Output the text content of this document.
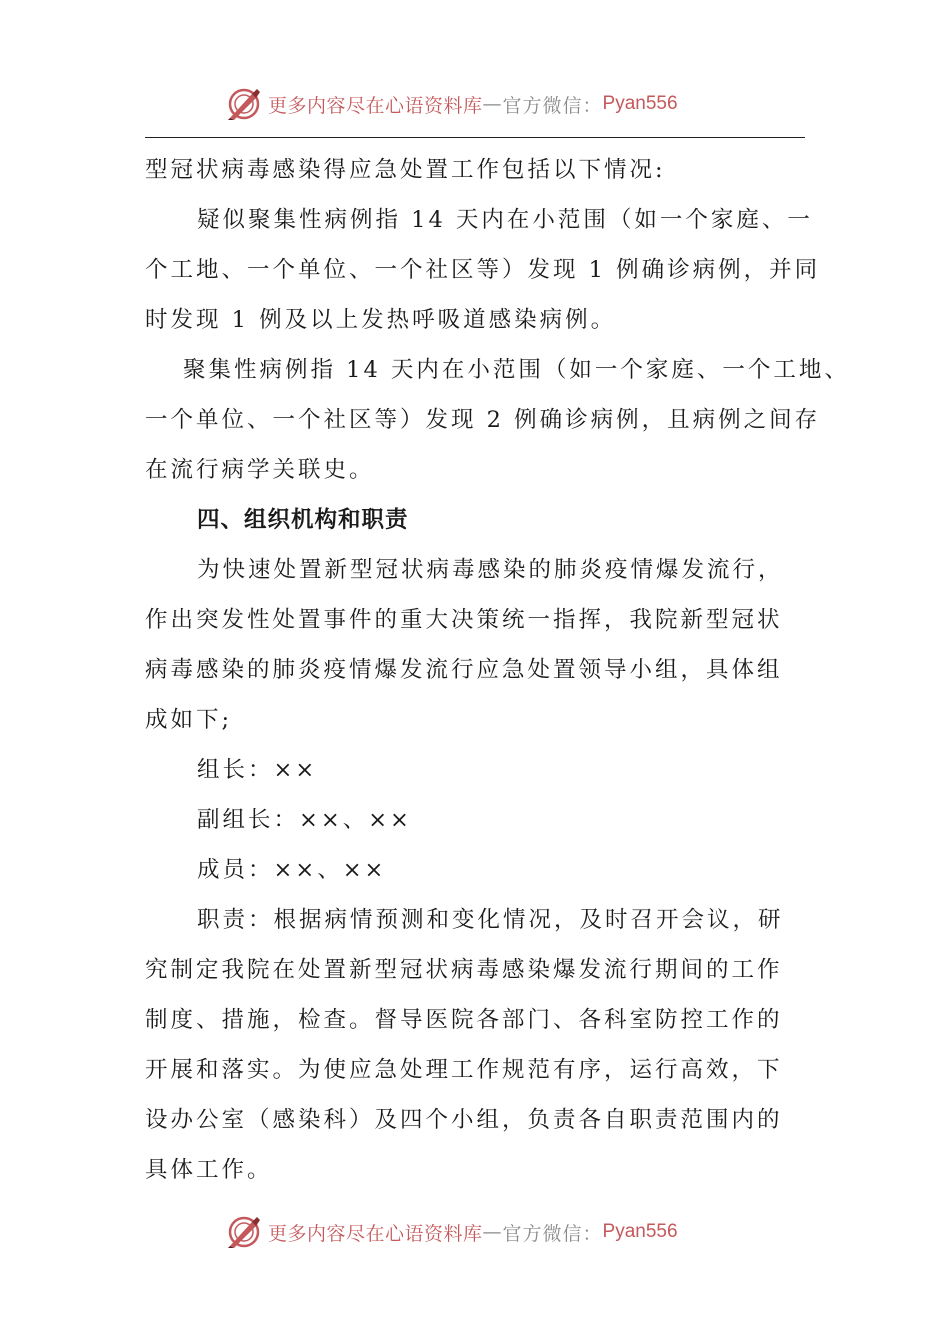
更多内容尽在心语资料库 — 官方微信： Pyan556
型冠状病毒感染得应急处置工作包括以下情况:
疑似聚集性病例指 14 天内在小范围（如一个家庭、一
个工地、一个单位、一个社区等）发现 1 例确诊病例，并同
时发现 1 例及以上发热呼吸道感染病例。
聚集性病例指 14 天内在小范围（如一个家庭、一个工地、
一个单位、一个社区等）发现 2 例确诊病例，且病例之间存
在流行病学关联史。
四、组织机构和职责
为快速处置新型冠状病毒感染的肺炎疫情爆发流行，
作出突发性处置事件的重大决策统一指挥，我院新型冠状
病毒感染的肺炎疫情爆发流行应急处置领导小组，具体组
成如下;
组长：××
副组长：××、××
成员：××、××
职责：根据病情预测和变化情况，及时召开会议，研
究制定我院在处置新型冠状病毒感染爆发流行期间的工作
制度、措施，检查。督导医院各部门、各科室防控工作的
开展和落实。为使应急处理工作规范有序，运行高效，下
设办公室（感染科）及四个小组，负责各自职责范围内的
具体工作。
更多内容尽在心语资料库 — 官方微信： Pyan556
